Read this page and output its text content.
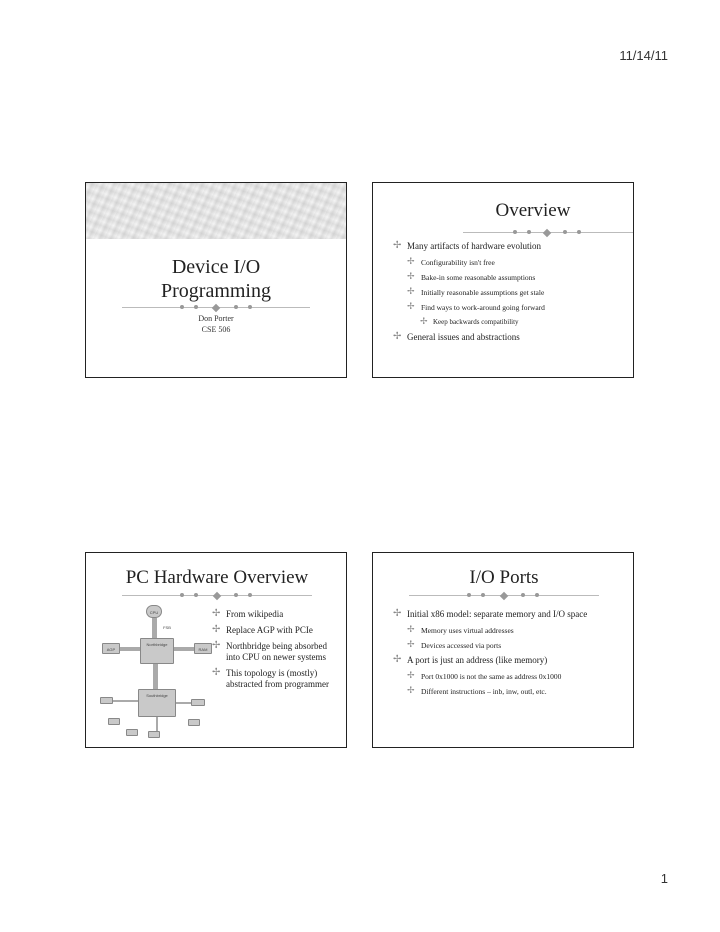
11/14/11
Device I/O
Programming
Don Porter
CSE 506
Overview
✢ Many artifacts of hardware evolution
✢ Configurability isn't free
✢ Bake-in some reasonable assumptions
✢ Initially reasonable assumptions get stale
✢ Find ways to work-around going forward
✢ Keep backwards compatibility
✢ General issues and abstractions
PC Hardware Overview
CPU
FSB
Northbridge
AGP	RAM
Southbridge
✢ From wikipedia
✢ Replace AGP with PCIe
✢ Northbridge being absorbed into CPU on newer systems
✢ This topology is (mostly) abstracted from programmer
I/O Ports
✢ Initial x86 model: separate memory and I/O space
✢ Memory uses virtual addresses
✢ Devices accessed via ports
✢ A port is just an address (like memory)
✢ Port 0x1000 is not the same as address 0x1000
✢ Different instructions – inb, inw, outl, etc.
1
